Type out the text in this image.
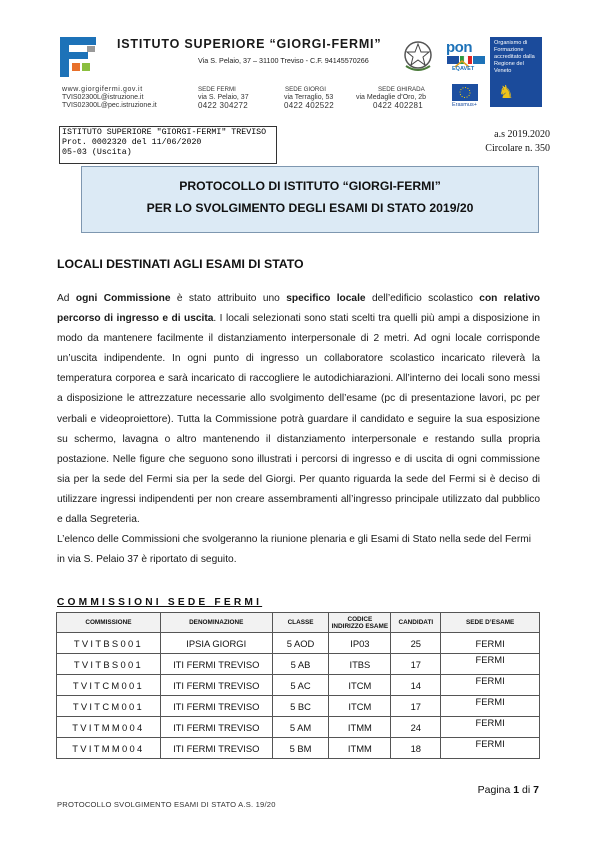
ISTITUTO SUPERIORE “GIORGI-FERMI”
Via S. Pelaio, 37 – 31100 Treviso - C.F. 94145570266
pon
EQAVET
Erasmus+
Organismo di Formazione accreditato dalla Regione del Veneto
♞
www.giorgifermi.gov.it
TVIS02300L@istruzione.it
TVIS02300L@pec.istruzione.it
SEDE FERMI
via S. Pelaio, 37
0422 304272
SEDE GIORGI
via Terraglio, 53
0422 402522
SEDE GHIRADA
via Medaglie d’Oro, 2b
0422 402281
ISTITUTO SUPERIORE "GIORGI-FERMI" TREVISO
Prot. 0002320 del 11/06/2020
05-03 (Uscita)
a.s 2019.2020
Circolare n. 350
PROTOCOLLO DI ISTITUTO “GIORGI-FERMI”
PER LO SVOLGIMENTO DEGLI ESAMI DI STATO 2019/20
LOCALI DESTINATI AGLI ESAMI DI STATO

Ad ogni Commissione è stato attribuito uno specifico locale dell’edificio scolastico con relativo percorso di ingresso e di uscita. I locali selezionati sono stati scelti tra quelli più ampi a disposizione in modo da mantenere facilmente il distanziamento interpersonale di 2 metri. Ad ogni locale corrisponde un’uscita indipendente. In ogni punto di ingresso un collaboratore scolastico incaricato rileverà la temperatura corporea e sarà incaricato di raccogliere le autodichiarazioni. All’interno dei locali sono messi a disposizione le attrezzature necessarie allo svolgimento dell’esame (pc di presentazione lavori, pc per verbali e videoproiettore). Tutta la Commissione potrà guardare il candidato e seguire la sua esposizione su schermo, lavagna o altro mantenendo il distanziamento interpersonale e restando sulla propria postazione. Nelle figure che seguono sono illustrati i percorsi di ingresso e di uscita di ogni commissione sia per la sede del Fermi sia per la sede del Giorgi. Per quanto riguarda la sede del Fermi si è deciso di utilizzare ingressi indipendenti per non creare assembramenti all’ingresso principale utilizzato dal pubblico e dalla Segreteria.

L’elenco delle Commissioni che svolgeranno la riunione plenaria e gli Esami di Stato nella sede del Fermi in via S. Pelaio 37 è riportato di seguito.

COMMISSIONI SEDE FERMI
COMMISSIONE	DENOMINAZIONE	CLASSE	CODICE INDIRIZZO ESAME	CANDIDATI	SEDE D’ESAME
TVITBS001	IPSIA GIORGI	5 AOD	IP03	25	FERMI
TVITBS001	ITI FERMI TREVISO	5 AB	ITBS	17	FERMI
TVITCM001	ITI FERMI TREVISO	5 AC	ITCM	14	FERMI
TVITCM001	ITI FERMI TREVISO	5 BC	ITCM	17	FERMI
TVITMM004	ITI FERMI TREVISO	5 AM	ITMM	24	FERMI
TVITMM004	ITI FERMI TREVISO	5 BM	ITMM	18	FERMI
Pagina 1 di 7
PROTOCOLLO SVOLGIMENTO ESAMI DI STATO A.S. 19/20
